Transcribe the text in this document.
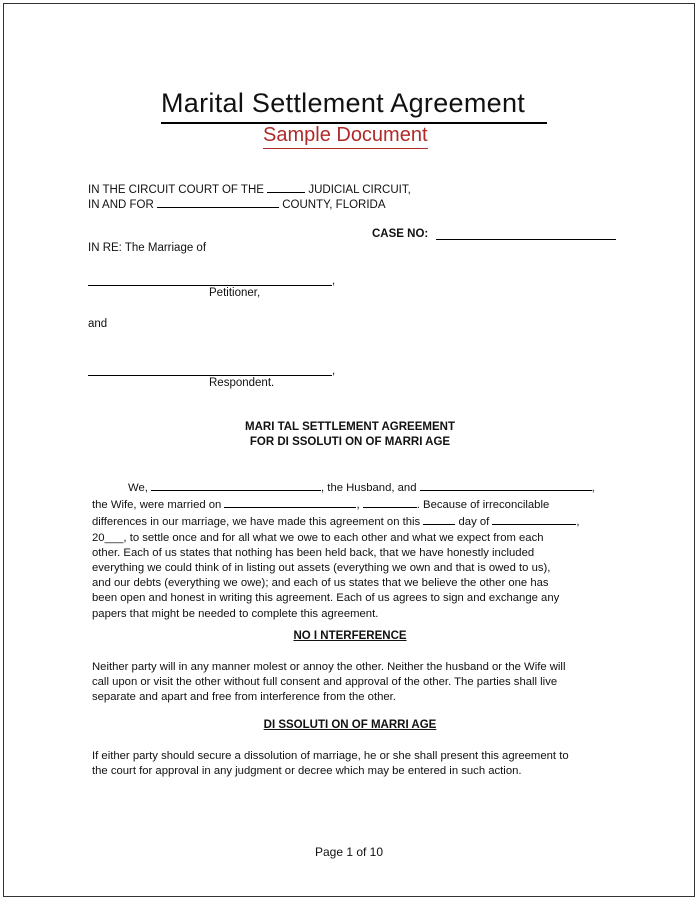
Marital Settlement Agreement
Sample Document
IN THE CIRCUIT COURT OF THE	JUDICIAL CIRCUIT,
IN AND FOR	COUNTY, FLORIDA
CASE NO:
IN RE: The Marriage of
,
Petitioner,
and
,
Respondent.
MARI TAL SETTLEMENT AGREEMENT
FOR DI SSOLUTI ON OF MARRI AGE
We,	, the Husband, and	,
the Wife, were married on	,	. Because of irreconcilable
differences in our marriage, we have made this agreement on this	day of	,
20___, to settle once and for all what we owe to each other and what we expect from each
other. Each of us states that nothing has been held back, that we have honestly included
everything we could think of in listing out assets (everything we own and that is owed to us),
and our debts (everything we owe); and each of us states that we believe the other one has
been open and honest in writing this agreement. Each of us agrees to sign and exchange any
papers that might be needed to complete this agreement.
NO I NTERFERENCE
Neither party will in any manner molest or annoy the other. Neither the husband or the Wife will
call upon or visit the other without full consent and approval of the other. The parties shall live
separate and apart and free from interference from the other.
DI SSOLUTI ON OF MARRI AGE
If either party should secure a dissolution of marriage, he or she shall present this agreement to
the court for approval in any judgment or decree which may be entered in such action.
Page 1 of 10
